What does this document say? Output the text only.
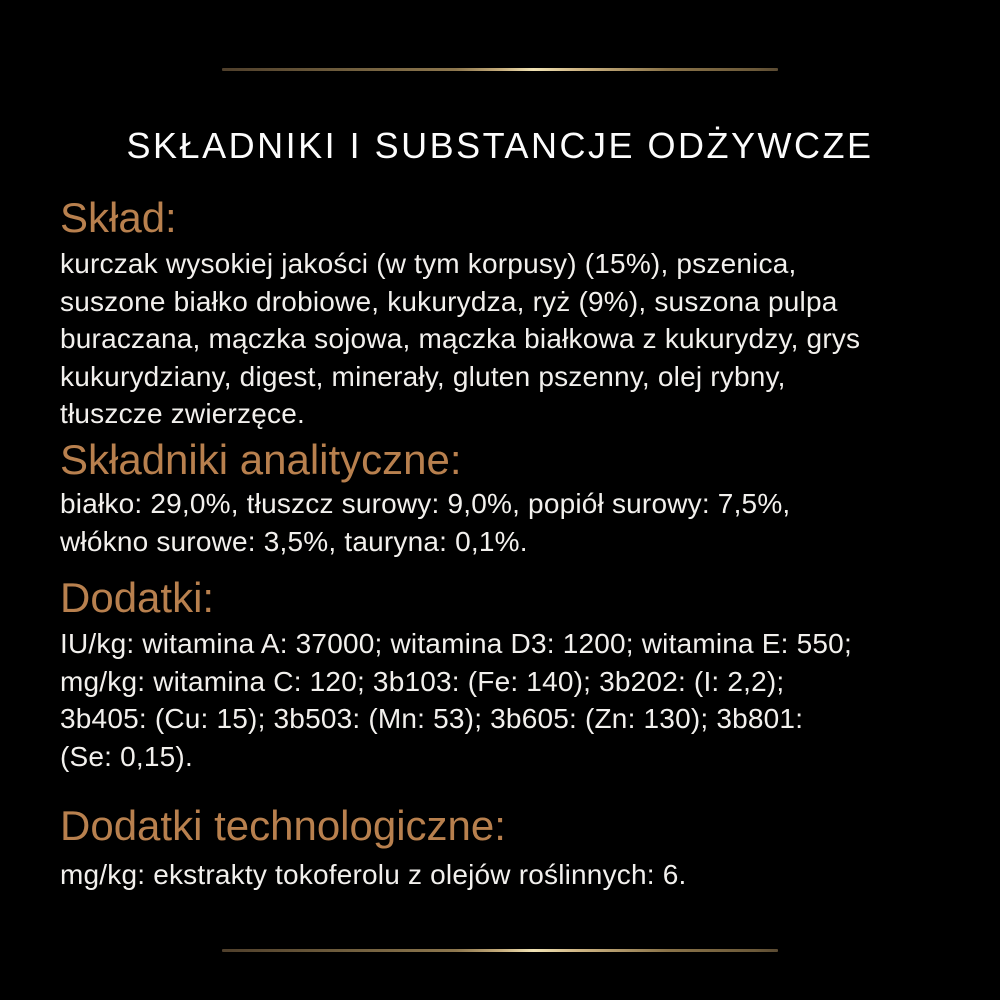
SKŁADNIKI I SUBSTANCJE ODŻYWCZE
Skład:
kurczak wysokiej jakości (w tym korpusy) (15%), pszenica,
suszone białko drobiowe, kukurydza, ryż (9%), suszona pulpa
buraczana, mączka sojowa, mączka białkowa z kukurydzy, grys
kukurydziany, digest, minerały, gluten pszenny, olej rybny,
tłuszcze zwierzęce.
Składniki analityczne:
białko: 29,0%, tłuszcz surowy: 9,0%, popiół surowy: 7,5%,
włókno surowe: 3,5%, tauryna: 0,1%.
Dodatki:
IU/kg: witamina A: 37000; witamina D3: 1200; witamina E: 550;
mg/kg: witamina C: 120; 3b103: (Fe: 140); 3b202: (I: 2,2);
3b405: (Cu: 15); 3b503: (Mn: 53); 3b605: (Zn: 130); 3b801:
(Se: 0,15).
Dodatki technologiczne:
mg/kg: ekstrakty tokoferolu z olejów roślinnych: 6.
